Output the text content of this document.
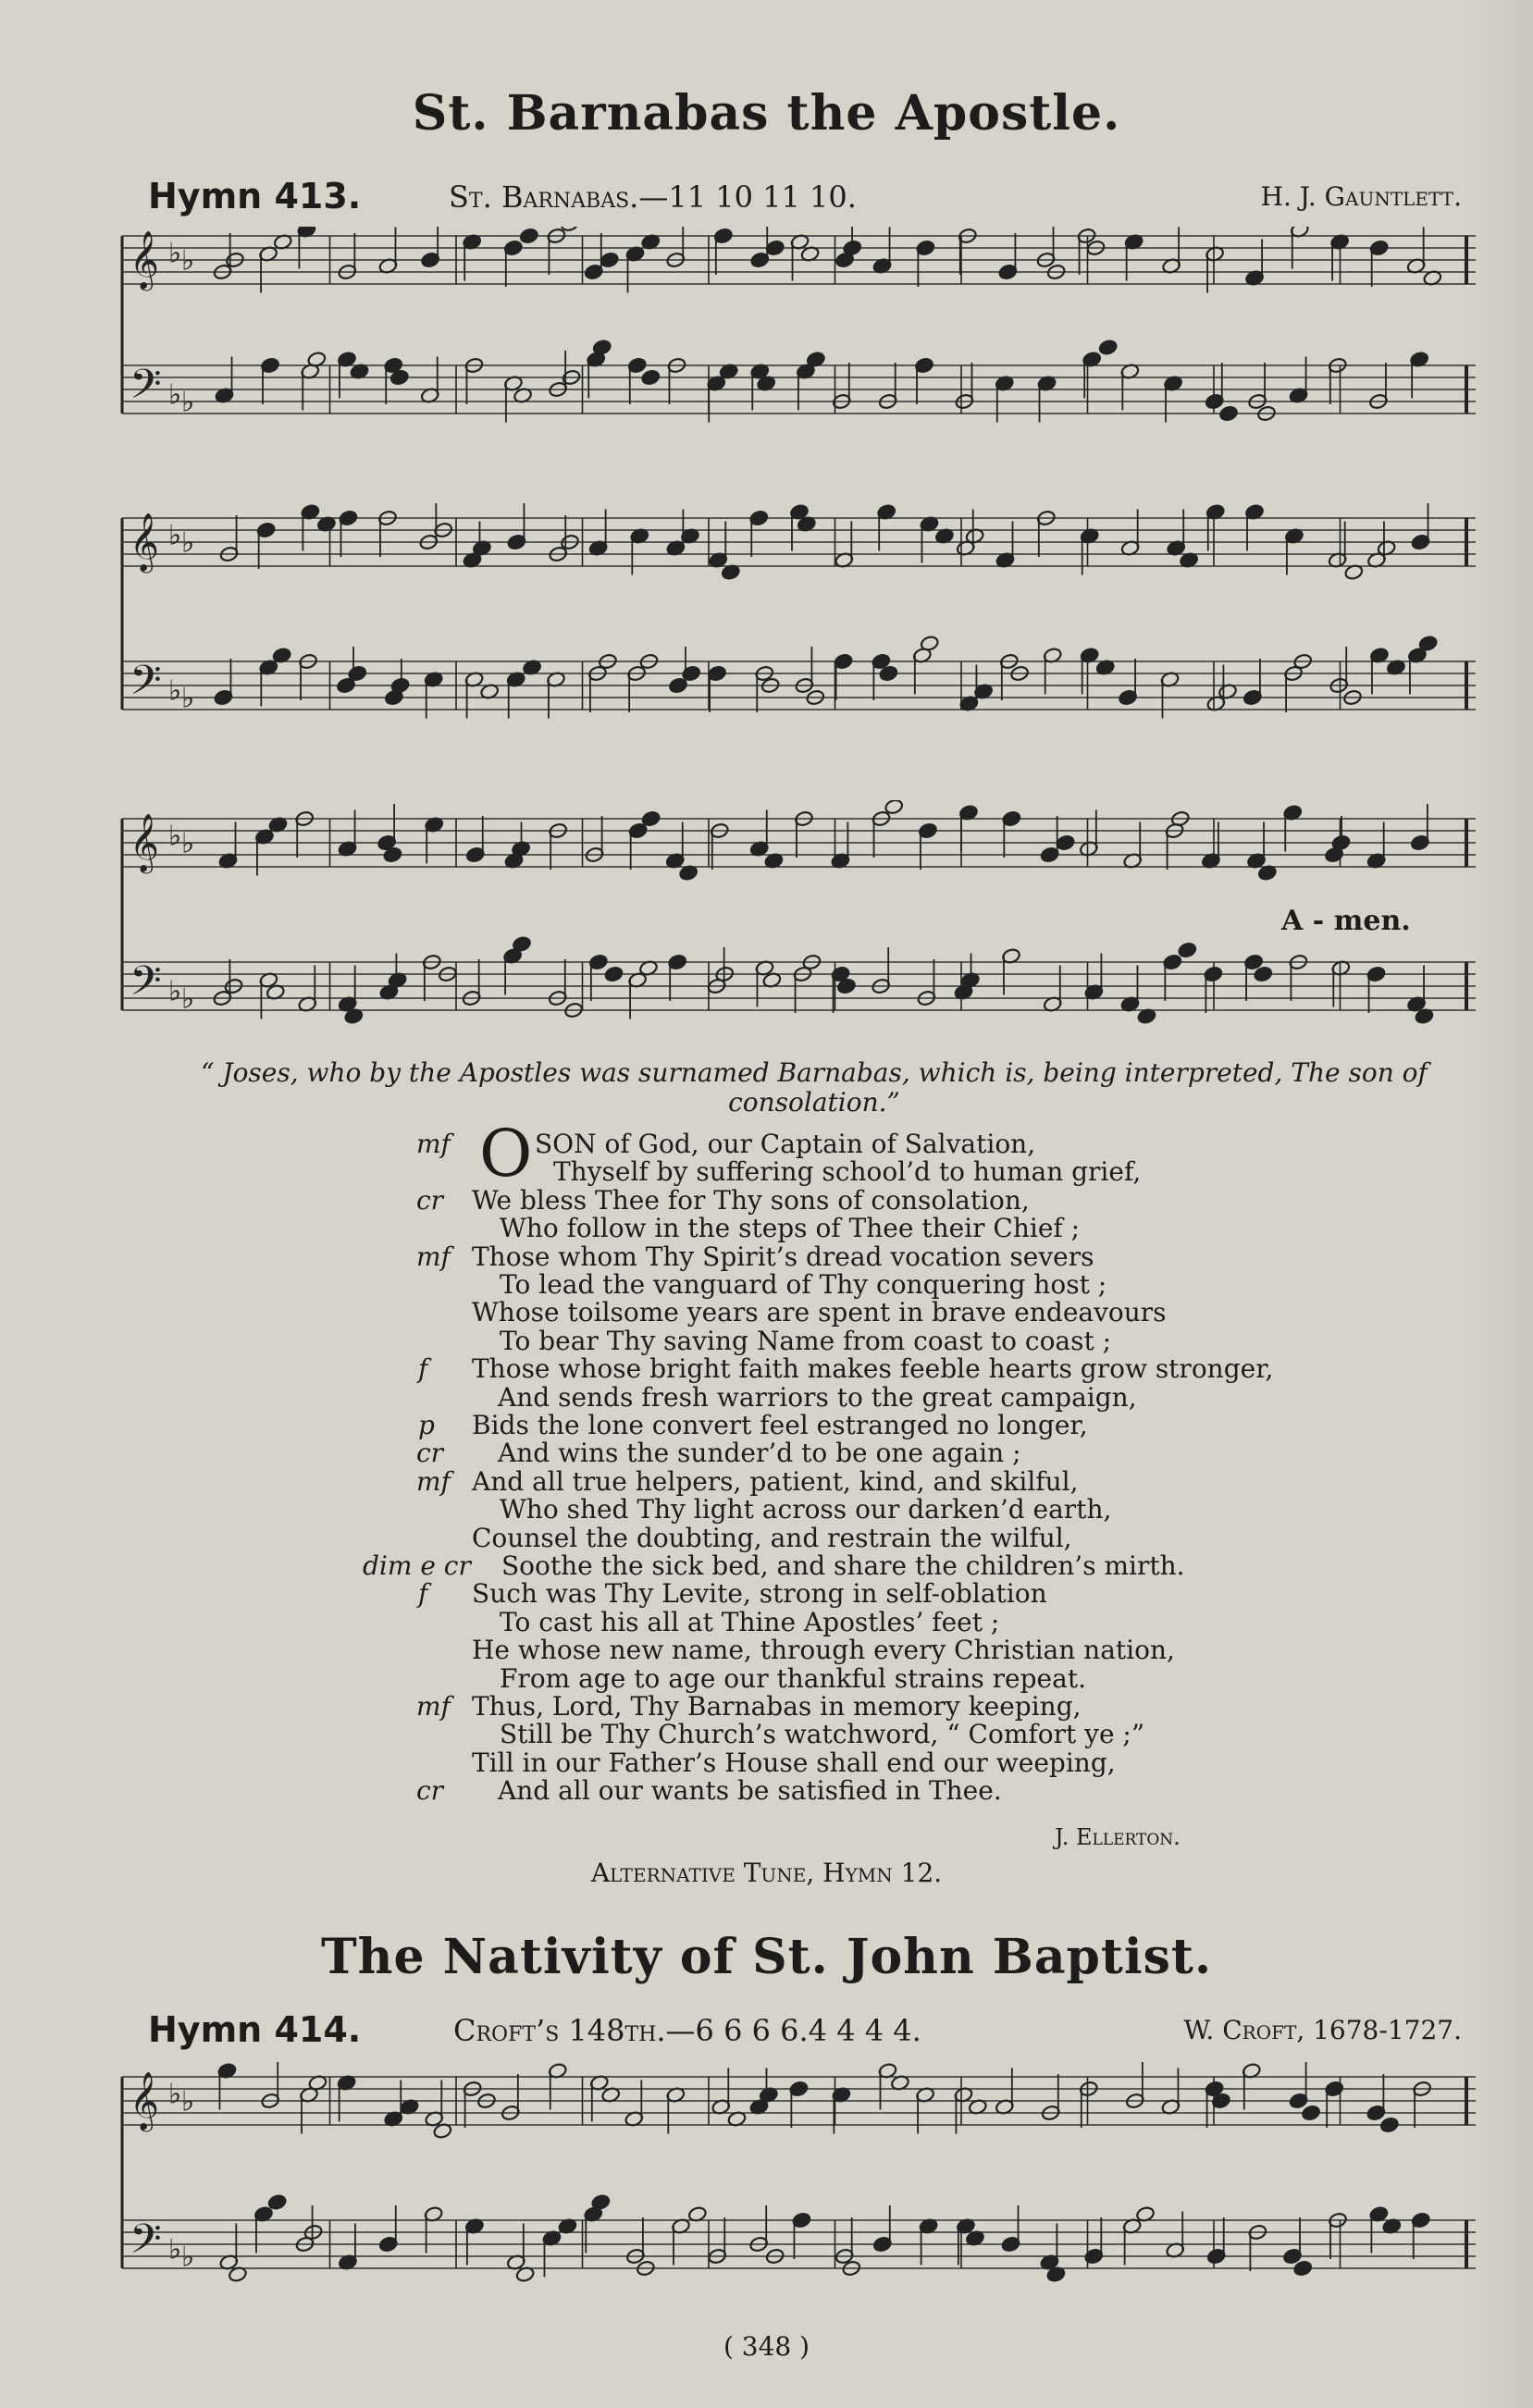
St. Barnabas the Apostle.
Hymn 413.	St. Barnabas.—11 10 11 10.	H. J. Gauntlett.
𝄞 ♭ ♭
𝄢 ♭ ♭
𝄞 ♭ ♭
𝄢 ♭ ♭
𝄞 ♭ ♭
𝄢 ♭ ♭
A - men.
“ Joses, who by the Apostles was surnamed Barnabas, which is, being interpreted, The son of consolation.”
O SON of God, our Captain of Salvation,
mf
Thyself by suffering school’d to human grief,
We bless Thee for Thy sons of consolation,
cr
Who follow in the steps of Thee their Chief ;
Those whom Thy Spirit’s dread vocation severs
mf
To lead the vanguard of Thy conquering host ;
Whose toilsome years are spent in brave endeavours
To bear Thy saving Name from coast to coast ;
Those whose bright faith makes feeble hearts grow stronger,
f
And sends fresh warriors to the great campaign,
Bids the lone convert feel estranged no longer,
p
And wins the sunder’d to be one again ;
cr
And all true helpers, patient, kind, and skilful,
mf
Who shed Thy light across our darken’d earth,
Counsel the doubting, and restrain the wilful,
Soothe the sick bed, and share the children’s mirth.
dim e cr
Such was Thy Levite, strong in self-oblation
f
To cast his all at Thine Apostles’ feet ;
He whose new name, through every Christian nation,
From age to age our thankful strains repeat.
Thus, Lord, Thy Barnabas in memory keeping,
mf
Still be Thy Church’s watchword, “ Comfort ye ;”
Till in our Father’s House shall end our weeping,
And all our wants be satisfied in Thee.
cr
J. Ellerton.
Alternative Tune, Hymn 12.
The Nativity of St. John Baptist.
Hymn 414.	Croft’s 148th.—6 6 6 6.4 4 4 4.	W. Croft, 1678-1727.
𝄞 ♭ ♭
𝄢 ♭ ♭
( 348 )
